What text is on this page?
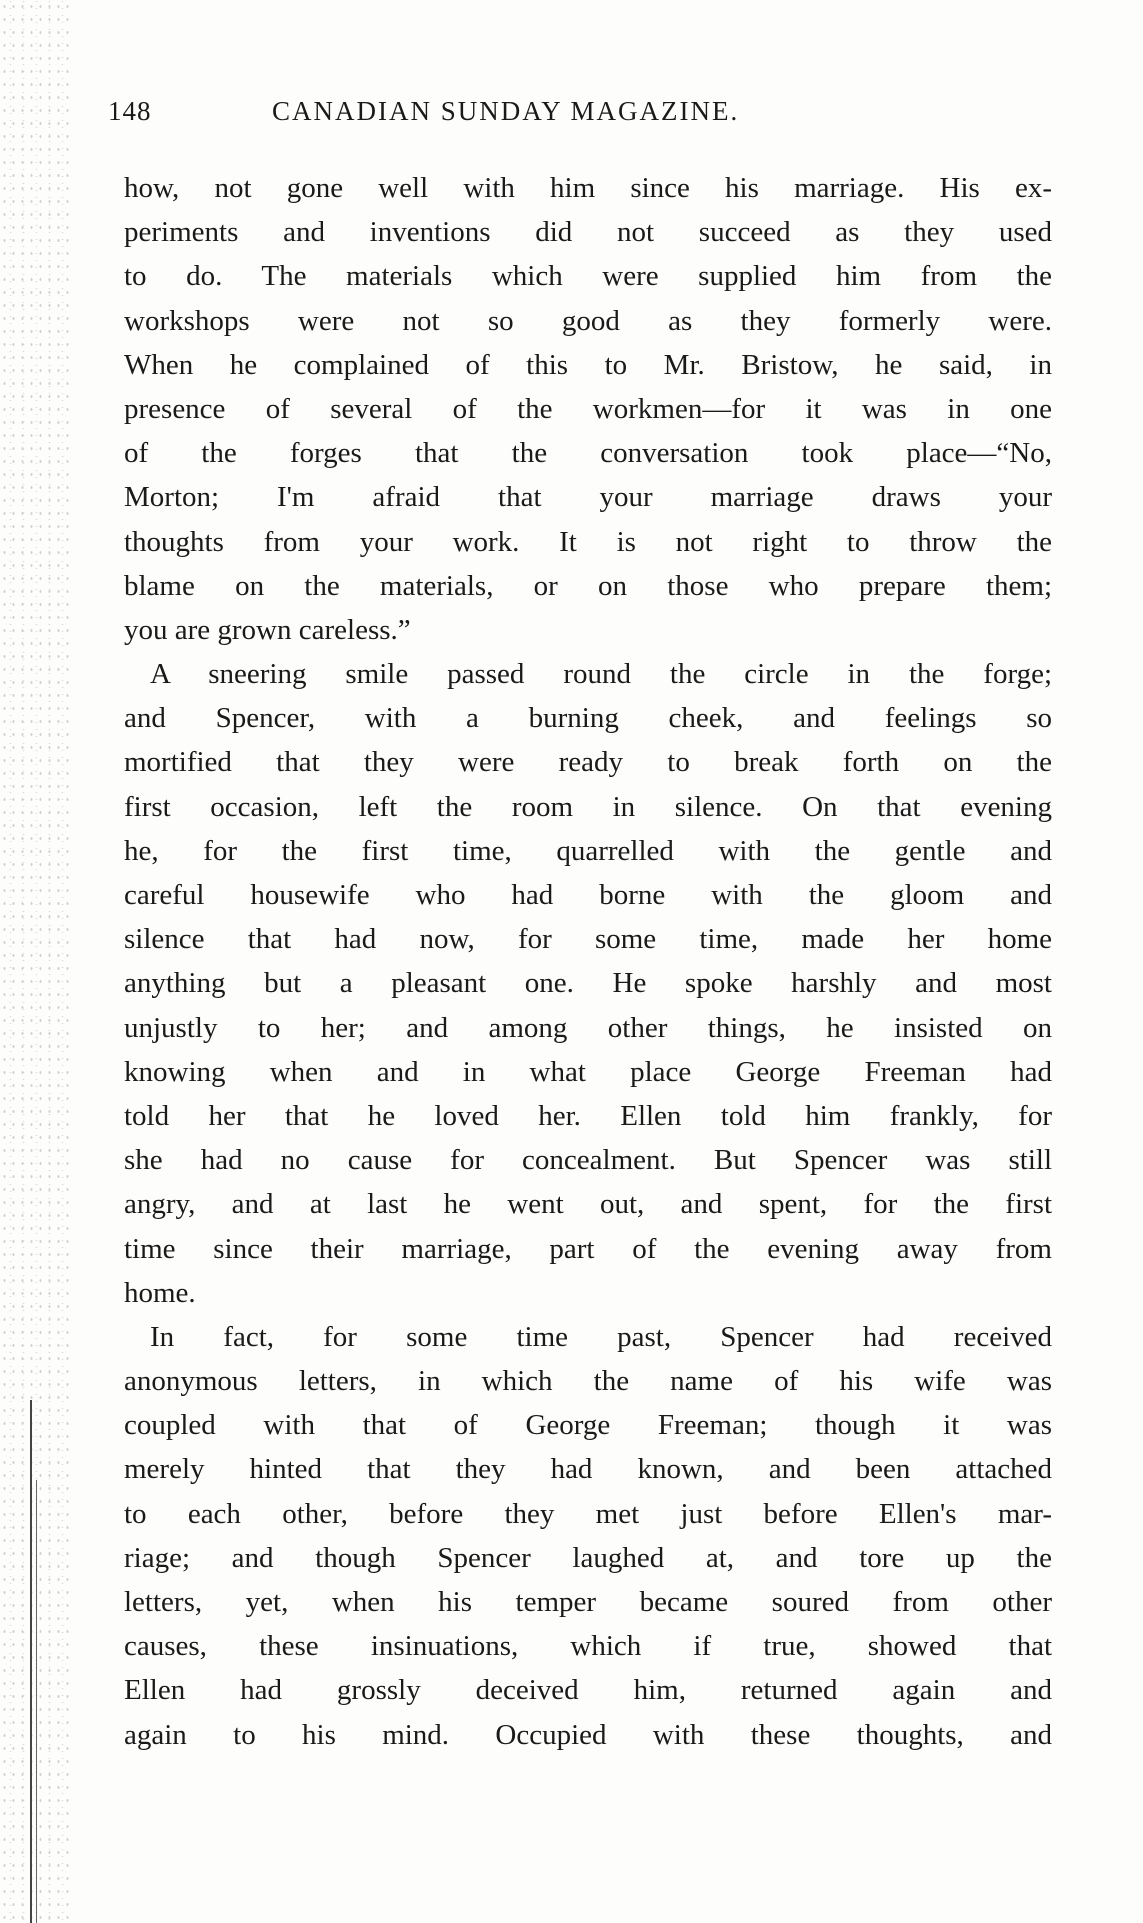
148	CANADIAN SUNDAY MAGAZINE.
how, not gone well with him since his marriage. His ex-
periments and inventions did not succeed as they used
to do. The materials which were supplied him from the
workshops were not so good as they formerly were.
When he complained of this to Mr. Bristow, he said, in
presence of several of the workmen—for it was in one
of the forges that the conversation took place—“No,
Morton; I'm afraid that your marriage draws your
thoughts from your work. It is not right to throw the
blame on the materials, or on those who prepare them;
you are grown careless.”
A sneering smile passed round the circle in the forge;
and Spencer, with a burning cheek, and feelings so
mortified that they were ready to break forth on the
first occasion, left the room in silence. On that evening
he, for the first time, quarrelled with the gentle and
careful housewife who had borne with the gloom and
silence that had now, for some time, made her home
anything but a pleasant one. He spoke harshly and most
unjustly to her; and among other things, he insisted on
knowing when and in what place George Freeman had
told her that he loved her. Ellen told him frankly, for
she had no cause for concealment. But Spencer was still
angry, and at last he went out, and spent, for the first
time since their marriage, part of the evening away from
home.
In fact, for some time past, Spencer had received
anonymous letters, in which the name of his wife was
coupled with that of George Freeman; though it was
merely hinted that they had known, and been attached
to each other, before they met just before Ellen's mar-
riage; and though Spencer laughed at, and tore up the
letters, yet, when his temper became soured from other
causes, these insinuations, which if true, showed that
Ellen had grossly deceived him, returned again and
again to his mind. Occupied with these thoughts, and
